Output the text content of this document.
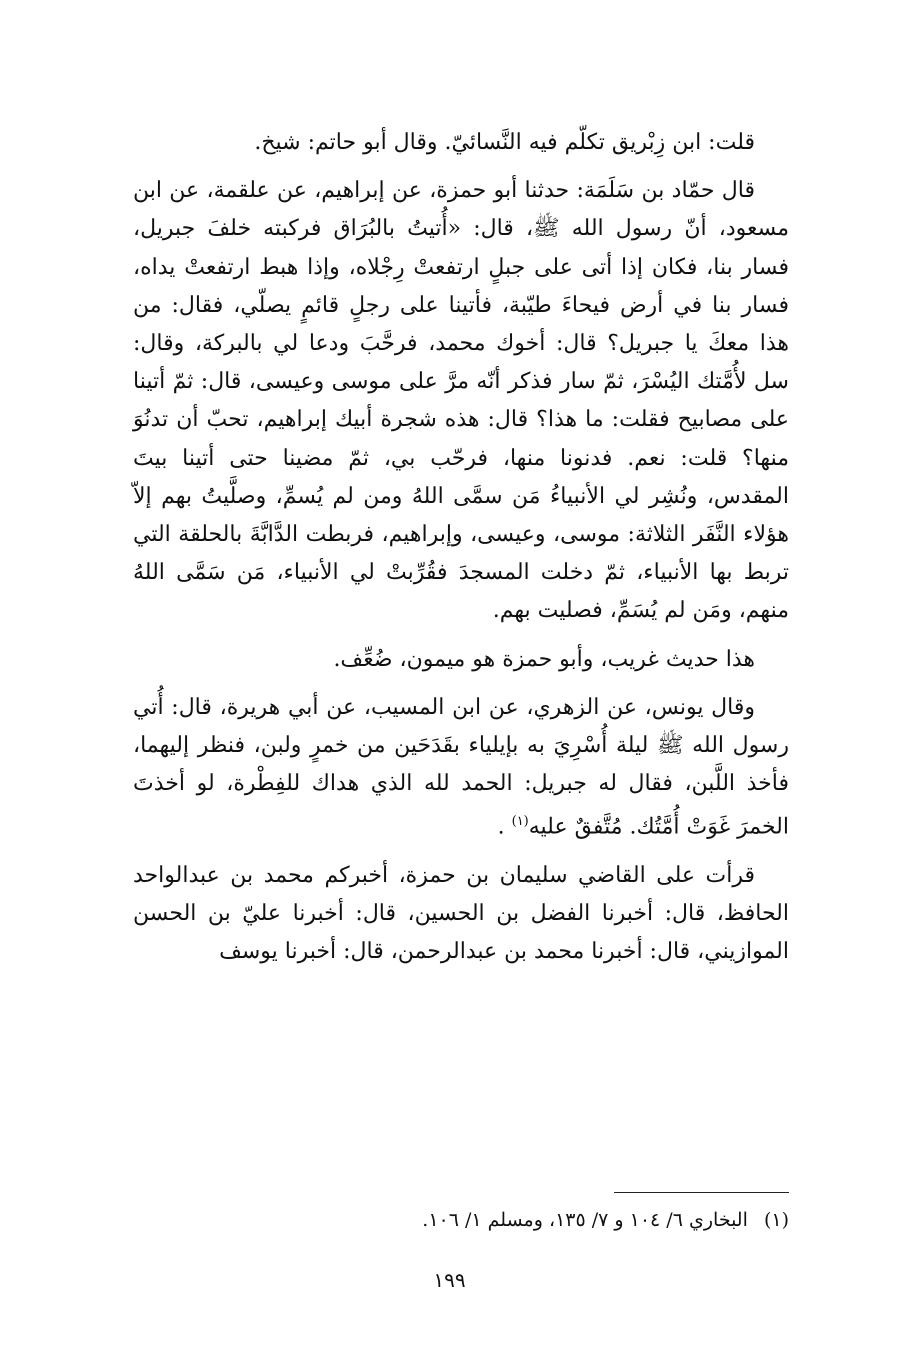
قلت: ابن زِبْريق تكلّم فيه النَّسائيّ. وقال أبو حاتم: شيخ.

قال حمّاد بن سَلَمَة: حدثنا أبو حمزة، عن إبراهيم، عن علقمة، عن ابن مسعود، أنّ رسول الله ﷺ، قال: «أُتيتُ بالبُرَاق فركبته خلفَ جبريل، فسار بنا، فكان إذا أتى على جبلٍ ارتفعتْ رِجْلاه، وإذا هبط ارتفعتْ يداه، فسار بنا في أرض فيحاءَ طيّبة، فأتينا على رجلٍ قائمٍ يصلّي، فقال: من هذا معكَ يا جبريل؟ قال: أخوك محمد، فرحَّبَ ودعا لي بالبركة، وقال: سل لأُمَّتك اليُسْرَ، ثمّ سار فذكر أنّه مرَّ على موسى وعيسى، قال: ثمّ أتينا على مصابيح فقلت: ما هذا؟ قال: هذه شجرة أبيك إبراهيم، تحبّ أن تدنُوَ منها؟ قلت: نعم. فدنونا منها، فرحّب بي، ثمّ مضينا حتى أتينا بيتَ المقدس، ونُشِر لي الأنبياءُ مَن سمَّى اللهُ ومن لم يُسمِّ، وصلَّيتُ بهم إلاّ هؤلاء النَّفَر الثلاثة: موسى، وعيسى، وإبراهيم، فربطت الدَّابَّةَ بالحلقة التي تربط بها الأنبياء، ثمّ دخلت المسجدَ فقُرِّبتْ لي الأنبياء، مَن سَمَّى اللهُ منهم، ومَن لم يُسَمِّ، فصليت بهم.

هذا حديث غريب، وأبو حمزة هو ميمون، ضُعِّف.

وقال يونس، عن الزهري، عن ابن المسيب، عن أبي هريرة، قال: أُتي رسول الله ﷺ ليلة أُسْرِيَ به بإيلياء بقَدَحَين من خمرٍ ولبن، فنظر إليهما، فأخذ اللَّبن، فقال له جبريل: الحمد لله الذي هداك للفِطْرة، لو أخذتَ الخمرَ غَوَتْ أُمَّتُك. مُتَّفقٌ عليه$^{(١)}$ .

قرأت على القاضي سليمان بن حمزة، أخبركم محمد بن عبدالواحد الحافظ، قال: أخبرنا الفضل بن الحسين، قال: أخبرنا عليّ بن الحسن الموازيني، قال: أخبرنا محمد بن عبدالرحمن، قال: أخبرنا يوسف

(١) البخاري ٦/ ١٠٤ و ٧/ ١٣٥، ومسلم ١/ ١٠٦.
١٩٩
